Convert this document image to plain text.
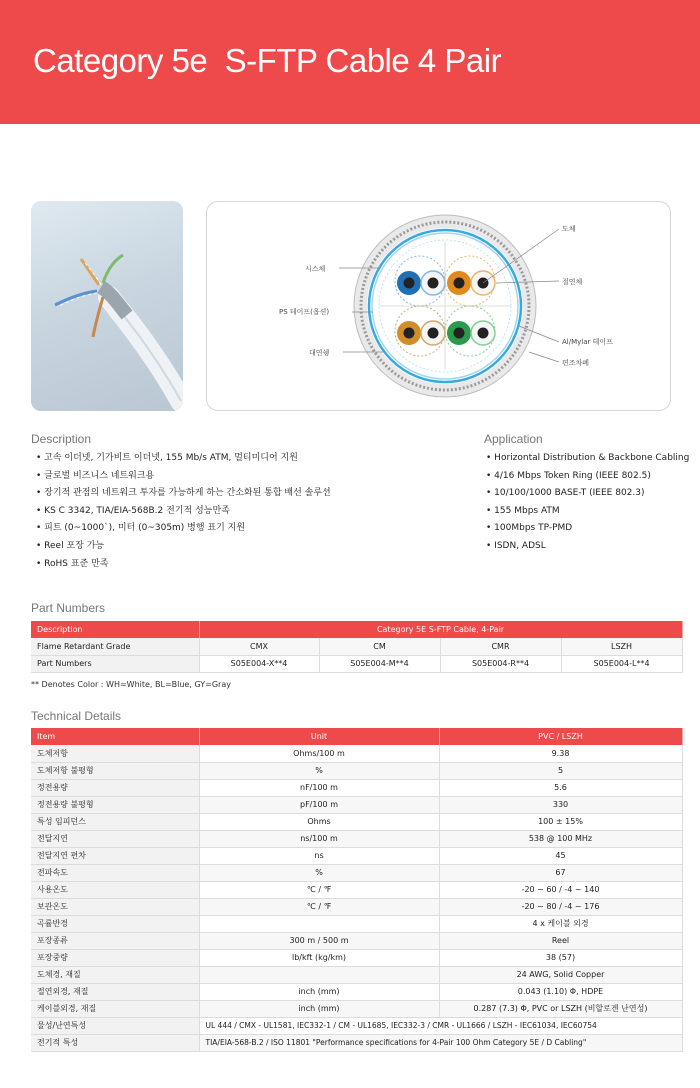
Category 5e  S-FTP Cable 4 Pair
시스체
PS 테이프(옵션)
대연쉥
도체
절연체
Al/Mylar 테이프
편조차폐
Description
• 고속 이더넷, 기가비트 이더넷, 155 Mb/s ATM, 멀티미디어 지원
• 글로벌 비즈니스 네트워크용
• 장기적 관점의 네트워크 투자를 가능하게 하는 간소화된 통합 배선 솔루션
• KS C 3342, TIA/EIA-568B.2 전기적 성능만족
• 피트 (0~1000`), 미터 (0~305m) 병행 표기 지원
• Reel 포장 가능
• RoHS 표준 만족
Application
• Horizontal Distribution & Backbone Cabling
• 4/16 Mbps Token Ring (IEEE 802.5)
• 10/100/1000 BASE-T (IEEE 802.3)
• 155 Mbps ATM
• 100Mbps TP-PMD
• ISDN, ADSL
Part Numbers
Description	Category 5E S-FTP Cable, 4-Pair			
Flame Retardant Grade	CMX	CM	CMR	LSZH
Part Numbers	S05E004-X**4	S05E004-M**4	S05E004-R**4	S05E004-L**4
** Denotes Color : WH=White, BL=Blue, GY=Gray
Technical Details
Item	Unit	PVC / LSZH
도체저항	Ohms/100 m	9.38
도체저항 불평형	%	5
정전용량	nF/100 m	5.6
정전용량 불평형	pF/100 m	330
특성 임피던스	Ohms	100 ± 15%
전달지연	ns/100 m	538 @ 100 MHz
전달지연 편차	ns	45
전파속도	%	67
사용온도	℃ / ℉	-20 ~ 60 / -4 ~ 140
보관온도	℃ / ℉	-20 ~ 80 / -4 ~ 176
곡률반경		4 x 케이블 외경
포장종류	300 m / 500 m	Reel
포장중량	lb/kft (kg/km)	38 (57)
도체경, 재질		24 AWG, Solid Copper
절연외경, 재질	inch (mm)	0.043 (1.10) Φ, HDPE
케이블외경, 재질	inch (mm)	0.287 (7.3) Φ, PVC or LSZH (비할로겐 난연성)
물성/난연특성	UL 444 / CMX - UL1581, IEC332-1 / CM - UL1685, IEC332-3 / CMR - UL1666 / LSZH - IEC61034, IEC60754	
전기적 특성	TIA/EIA-568-B.2 / ISO 11801 "Performance specifications for 4-Pair 100 Ohm Category 5E / D Cabling"	
